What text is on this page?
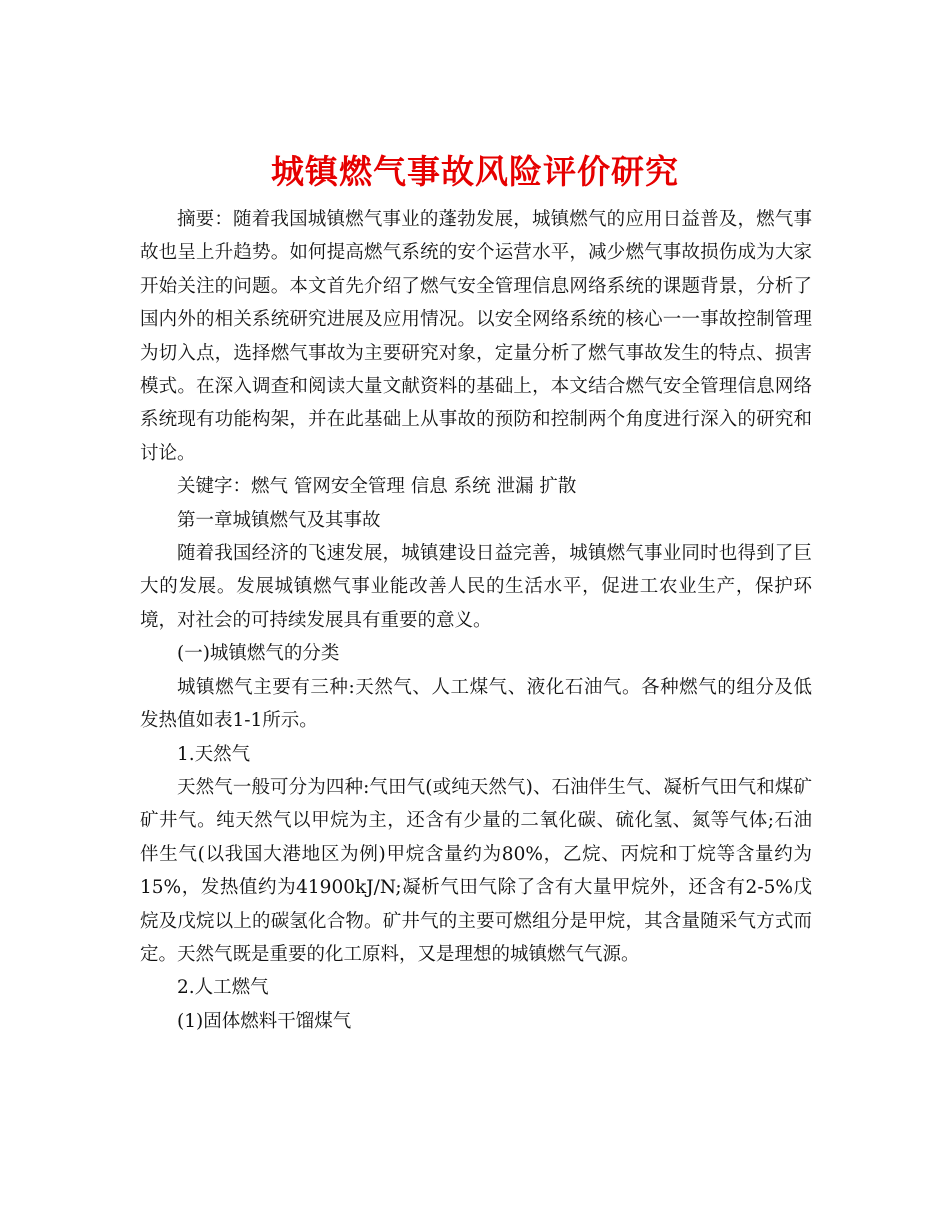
城镇燃气事故风险评价研究

摘要：随着我国城镇燃气事业的蓬勃发展，城镇燃气的应用日益普及，燃气事故也呈上升趋势。如何提高燃气系统的安个运营水平，减少燃气事故损伤成为大家开始关注的问题。本文首先介绍了燃气安全管理信息网络系统的课题背景，分析了国内外的相关系统研究进展及应用情况。以安全网络系统的核心一一事故控制管理为切入点，选择燃气事故为主要研究对象，定量分析了燃气事故发生的特点、损害模式。在深入调查和阅读大量文献资料的基础上，本文结合燃气安全管理信息网络系统现有功能构架，并在此基础上从事故的预防和控制两个角度进行深入的研究和讨论。

关键字：燃气 管网安全管理 信息 系统 泄漏 扩散

第一章城镇燃气及其事故

随着我国经济的飞速发展，城镇建设日益完善，城镇燃气事业同时也得到了巨大的发展。发展城镇燃气事业能改善人民的生活水平，促进工农业生产，保护环境，对社会的可持续发展具有重要的意义。

(一)城镇燃气的分类

城镇燃气主要有三种:天然气、人工煤气、液化石油气。各种燃气的组分及低发热值如表1-1所示。

1.天然气

天然气一般可分为四种:气田气(或纯天然气)、石油伴生气、凝析气田气和煤矿矿井气。纯天然气以甲烷为主，还含有少量的二氧化碳、硫化氢、氮等气体;石油伴生气(以我国大港地区为例)甲烷含量约为80%，乙烷、丙烷和丁烷等含量约为15%，发热值约为41900kJ/N;凝析气田气除了含有大量甲烷外，还含有2-5%戊烷及戊烷以上的碳氢化合物。矿井气的主要可燃组分是甲烷，其含量随采气方式而定。天然气既是重要的化工原料，又是理想的城镇燃气气源。

2.人工燃气

(1)固体燃料干馏煤气
